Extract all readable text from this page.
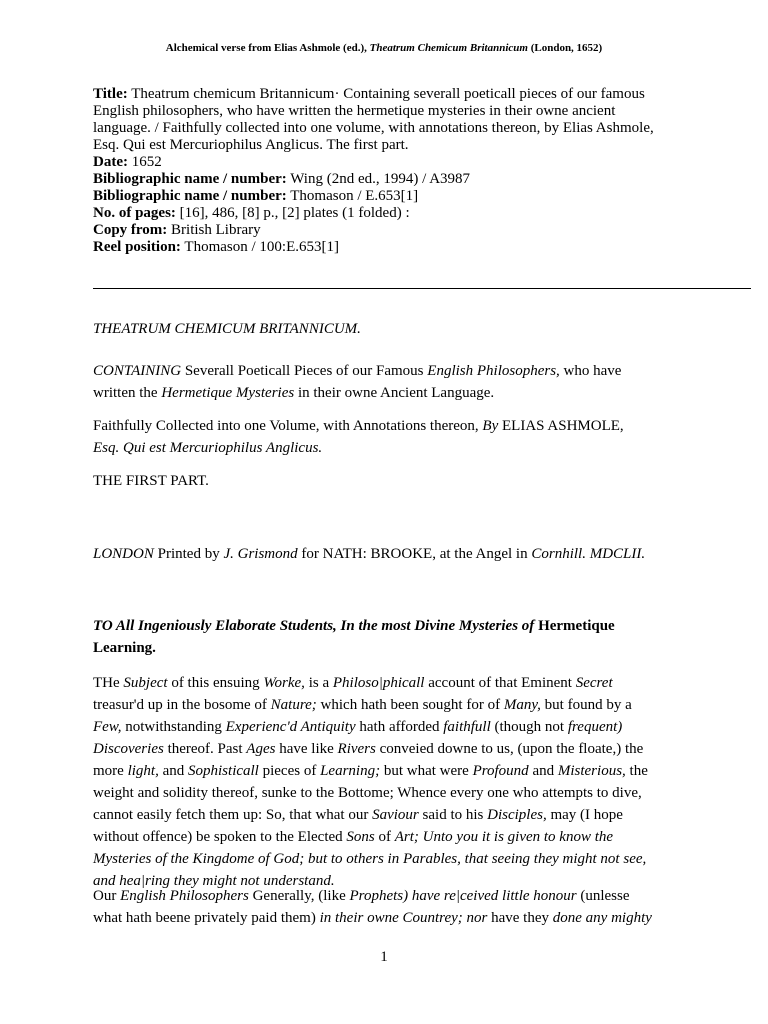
Alchemical verse from Elias Ashmole (ed.), Theatrum Chemicum Britannicum (London, 1652)
Title: Theatrum chemicum Britannicum· Containing severall poeticall pieces of our famous
English philosophers, who have written the hermetique mysteries in their owne ancient
language. / Faithfully collected into one volume, with annotations thereon, by Elias Ashmole,
Esq. Qui est Mercuriophilus Anglicus. The first part.
Date: 1652
Bibliographic name / number: Wing (2nd ed., 1994) / A3987
Bibliographic name / number: Thomason / E.653[1]
No. of pages: [16], 486, [8] p., [2] plates (1 folded) :
Copy from: British Library
Reel position: Thomason / 100:E.653[1]

THEATRUM CHEMICUM BRITANNICUM.

CONTAINING Severall Poeticall Pieces of our Famous English Philosophers, who have
written the Hermetique Mysteries in their owne Ancient Language.

Faithfully Collected into one Volume, with Annotations thereon, By ELIAS ASHMOLE,
Esq. Qui est Mercuriophilus Anglicus.

THE FIRST PART.

LONDON Printed by J. Grismond for NATH: BROOKE, at the Angel in Cornhill. MDCLII.

TO All Ingeniously Elaborate Students, In the most Divine Mysteries of Hermetique
Learning.

THe Subject of this ensuing Worke, is a Philoso|phicall account of that Eminent Secret
treasur'd up in the bosome of Nature; which hath been sought for of Many, but found by a
Few, notwithstanding Experienc'd Antiquity hath afforded faithfull (though not frequent)
Discoveries thereof. Past Ages have like Rivers conveied downe to us, (upon the floate,) the
more light, and Sophisticall pieces of Learning; but what were Profound and Misterious, the
weight and solidity thereof, sunke to the Bottome; Whence every one who attempts to dive,
cannot easily fetch them up: So, that what our Saviour said to his Disciples, may (I hope
without offence) be spoken to the Elected Sons of Art; Unto you it is given to know the
Mysteries of the Kingdome of God; but to others in Parables, that seeing they might not see,
and hea|ring they might not understand.

Our English Philosophers Generally, (like Prophets) have re|ceived little honour (unlesse
what hath beene privately paid them) in their owne Countrey; nor have they done any mighty

1
